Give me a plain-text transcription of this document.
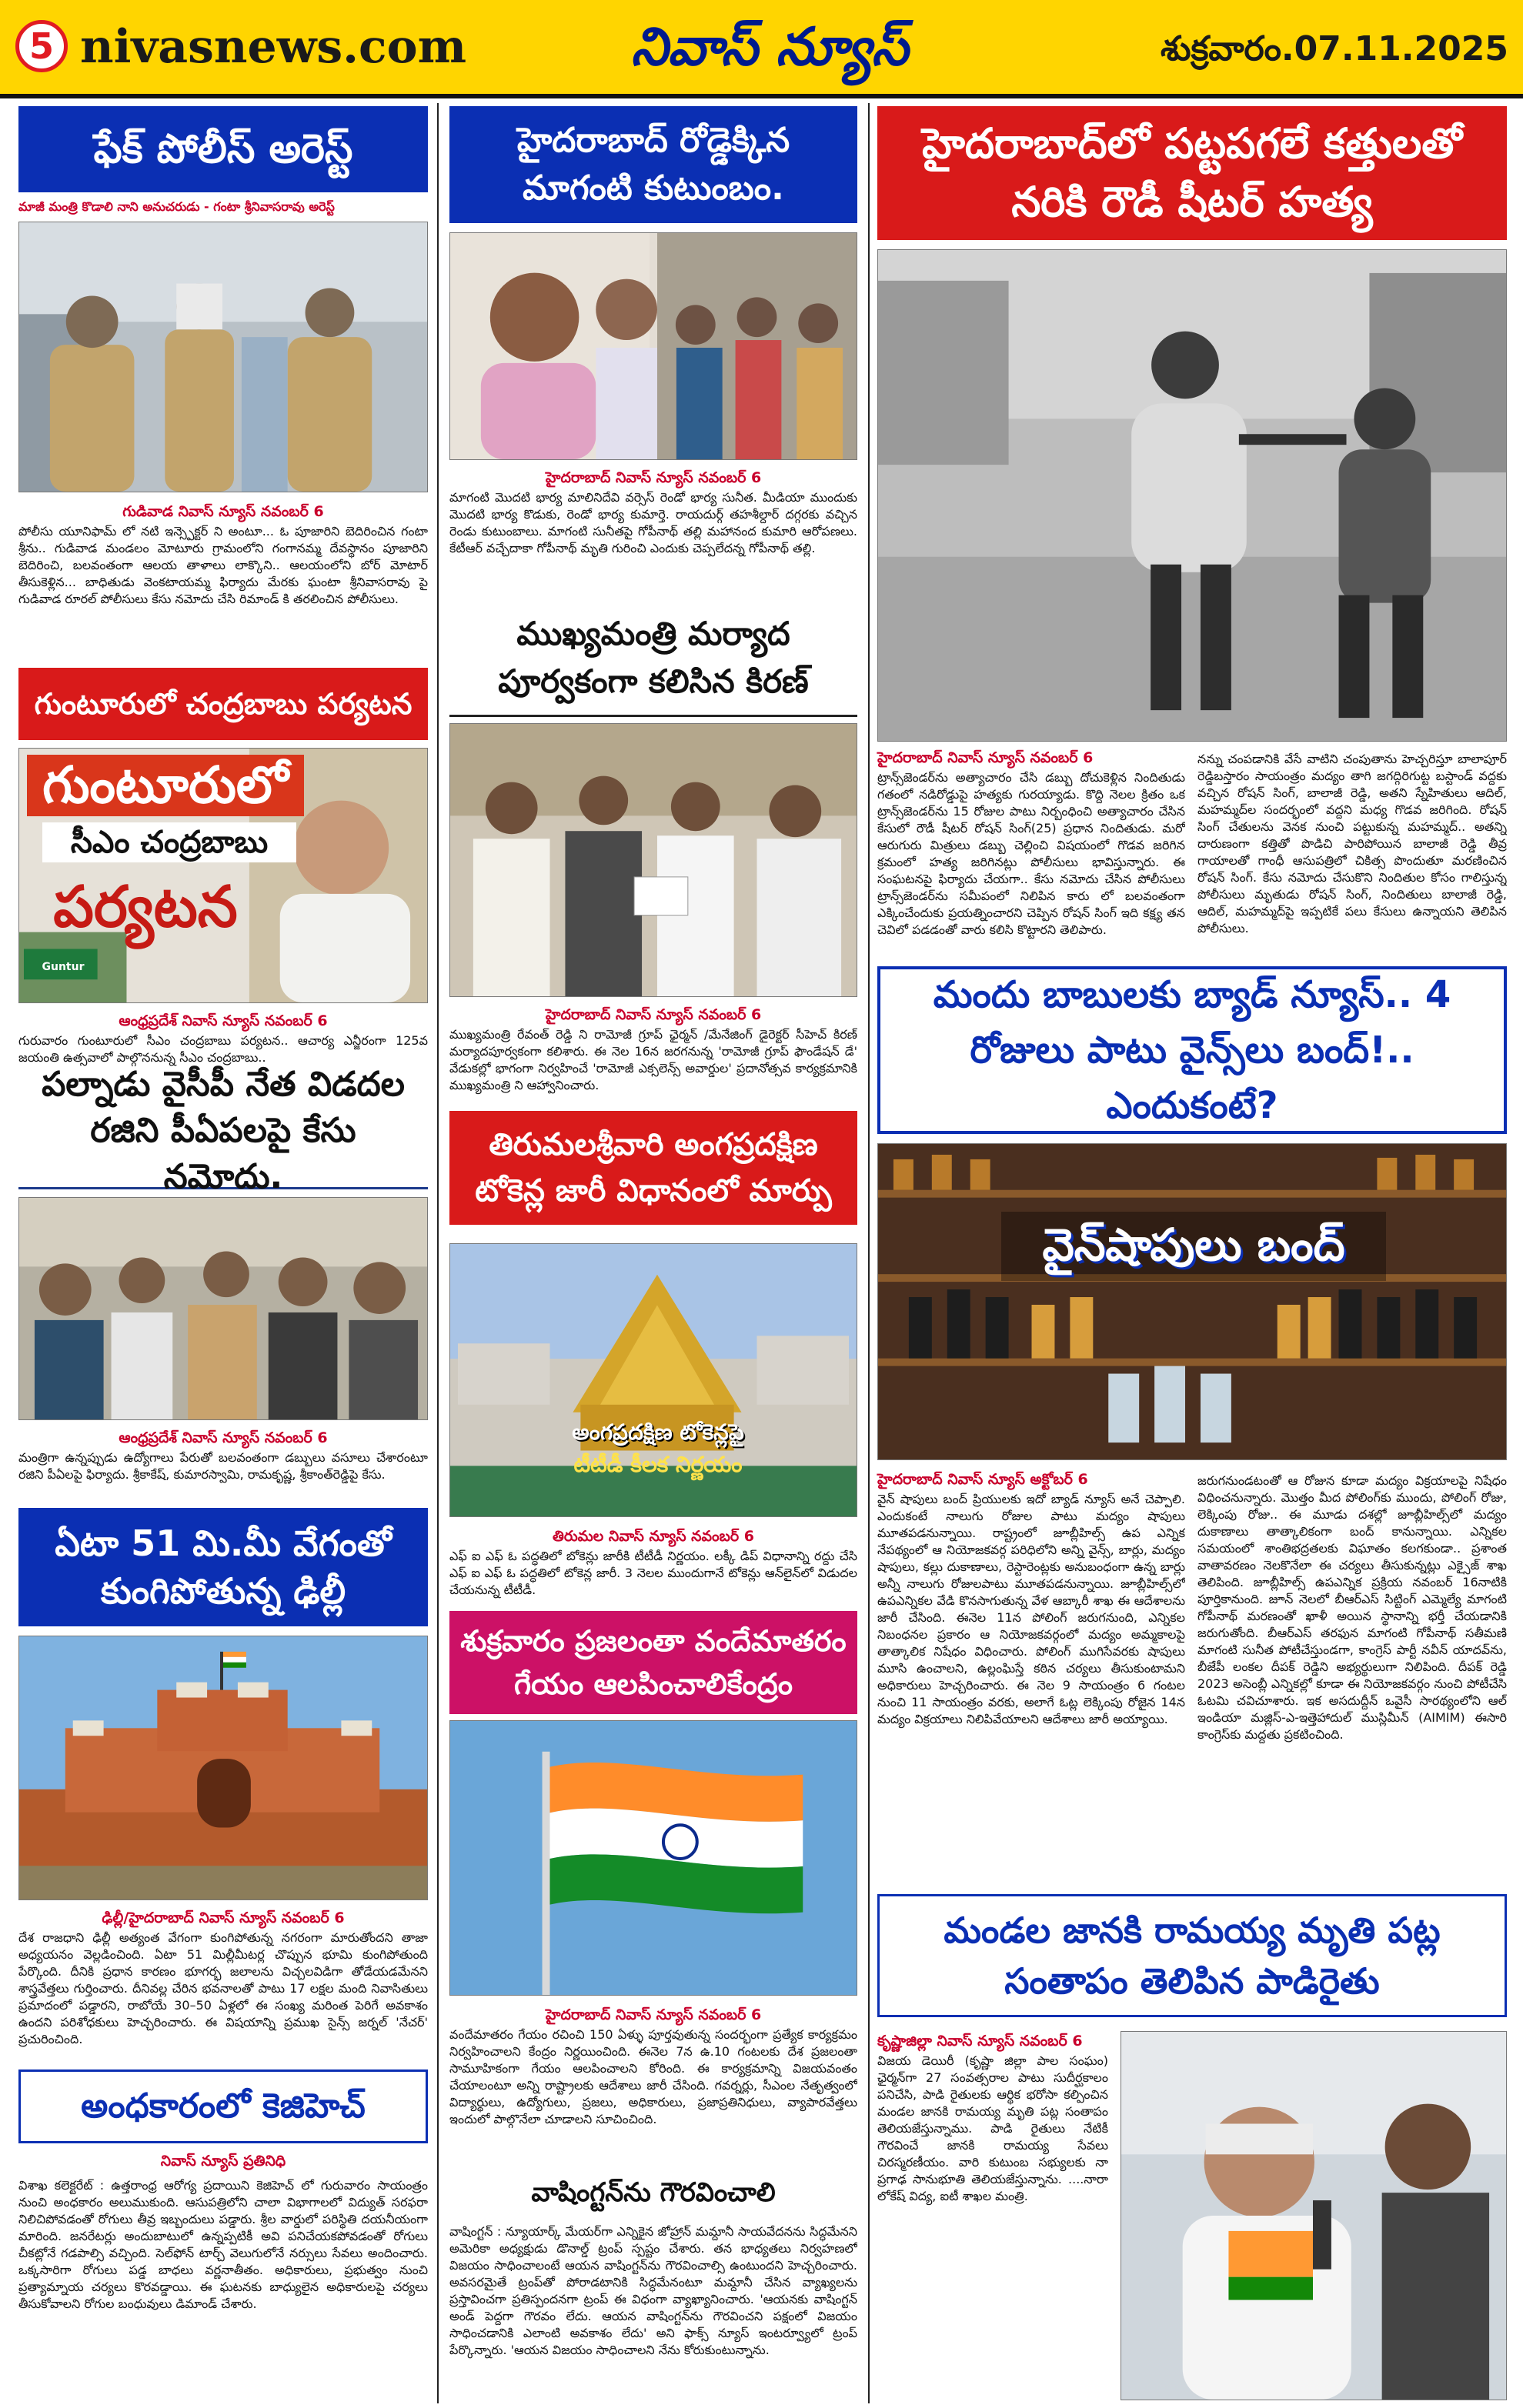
5 nivasnews.com	నివాస్ న్యూస్	శుక్రవారం.07.11.2025
ఫేక్ పోలీస్ అరెస్ట్
మాజీ మంత్రి కొడాలి నాని అనుచరుడు - గంటా శ్రీనివాసరావు అరెస్ట్
గుడివాడ నివాస్ న్యూస్ నవంబర్ 6
పోలీసు యూనిఫామ్ లో నటి ఇన్స్పెక్టర్ ని అంటూ... ఓ పూజారిని బెదిరించిన గంటా శ్రీను.. గుడివాడ మండలం మోటూరు గ్రామంలోని గంగానమ్మ దేవస్థానం పూజారిని బెదిరించి, బలవంతంగా ఆలయ తాళాలు లాక్కొని.. ఆలయంలోని బోర్ మోటార్ తీసుకెళ్లిన... బాధితుడు వెంకటాయమ్మ ఫిర్యాదు మేరకు ఘంటా శ్రీనివాసరావు పై గుడివాడ రూరల్ పోలీసులు కేసు నమోదు చేసి రిమాండ్ కి తరలించిన పోలీసులు.
గుంటూరులో చంద్రబాబు పర్యటన
గుంటూరులో
సీఎం చంద్రబాబు
పర్యటన
Guntur
ఆంధ్రప్రదేశ్ నివాస్ న్యూస్ నవంబర్ 6
గురువారం గుంటూరులో సీఎం చంద్రబాబు పర్యటన.. ఆచార్య ఎన్జీరంగా 125వ జయంతి ఉత్సవాలో పాల్గొననున్న సీఎం చంద్రబాబు..
పల్నాడు వైసీపీ నేత విడదల రజిని పీఏపలపై కేసు నమోదు.
ఆంధ్రప్రదేశ్ నివాస్ న్యూస్ నవంబర్ 6
మంత్రిగా ఉన్నప్పుడు ఉద్యోగాలు పేరుతో బలవంతంగా డబ్బులు వసూలు చేశారంటూ రజిని పీఏలపై ఫిర్యాదు. శ్రీకాకేష్, కుమారస్వామి, రామకృష్ణ, శ్రీకాంత్‌రెడ్డిపై కేసు.
ఏటా 51 మి.మీ వేగంతో కుంగిపోతున్న ఢిల్లీ
ఢిల్లీ/హైదరాబాద్ నివాస్ న్యూస్ నవంబర్ 6
దేశ రాజధాని ఢిల్లీ అత్యంత వేగంగా కుంగిపోతున్న నగరంగా మారుతోందని తాజా అధ్యయనం వెల్లడించింది. ఏటా 51 మిల్లీమీటర్ల చొప్పున భూమి కుంగిపోతుంది పేర్కొంది. దీనికి ప్రధాన కారణం భూగర్భ జలాలను విచ్చలవిడిగా తోడేయడమేనని శాస్త్రవేత్తలు గుర్తించారు. దీనివల్ల చేరిన భవనాలతో పాటు 17 లక్షల మంది నివాసితులు ప్రమాదంలో పడ్డారని, రాబోయే 30–50 ఏళ్లలో ఈ సంఖ్య మరింత పెరిగే అవకాశం ఉందని పరిశోధకులు హెచ్చరించారు. ఈ విషయాన్ని ప్రముఖ సైన్స్ జర్నల్ 'నేచర్' ప్రచురించింది.
అంధకారంలో కెజిహెచ్
నివాస్ న్యూస్ ప్రతినిధి
విశాఖ కలెక్టరేట్ : ఉత్తరాంధ్ర ఆరోగ్య ప్రదాయిని కెజిహెచ్ లో గురువారం సాయంత్రం నుంచి అంధకారం అలుముకుంది. ఆసుపత్రిలోని చాలా విభాగాలలో విద్యుత్ సరఫరా నిలిచిపోవడంతో రోగులు తీవ్ర ఇబ్బందులు పడ్డారు. శ్రీల వార్డులో పరిస్థితి దయనీయంగా మారింది. జనరేటర్లు అందుబాటులో ఉన్నప్పటికీ అవి పనిచేయకపోవడంతో రోగులు చీకట్లోనే గడపాల్సి వచ్చింది. సెల్‌ఫోన్ టార్చ్ వెలుగులోనే నర్సులు సేవలు అందించారు. ఒక్కసారిగా రోగులు పడ్డ బాధలు వర్ణనాతీతం. అధికారులు, ప్రభుత్వం నుంచి ప్రత్యామ్నాయ చర్యలు కొరవడ్డాయి. ఈ ఘటనకు బాధ్యులైన అధికారులపై చర్యలు తీసుకోవాలని రోగుల బంధువులు డిమాండ్ చేశారు.
హైదరాబాద్ రోడ్డెక్కిన మాగంటి కుటుంబం.
హైదరాబాద్ నివాస్ న్యూస్ నవంబర్ 6
మాగంటి మొదటి భార్య మాలినిదేవి వర్సెస్ రెండో భార్య సునీత. మీడియా ముందుకు మొదటి భార్య కొడుకు, రెండో భార్య కుమార్తె. రాయదుర్గ్ తహశీల్దార్ దగ్గరకు వచ్చిన రెండు కుటుంబాలు. మాగంటి సునీతపై గోపీనాథ్ తల్లి మహానంద కుమారి ఆరోపణలు. కేటీఆర్ వచ్చేదాకా గోపీనాథ్ మృతి గురించి ఎందుకు చెప్పలేదన్న గోపీనాథ్ తల్లి.
ముఖ్యమంత్రి మర్యాద పూర్వకంగా కలిసిన కిరణ్
హైదరాబాద్ నివాస్ న్యూస్ నవంబర్ 6
ముఖ్యమంత్రి రేవంత్ రెడ్డి ని రామోజీ గ్రూప్ ఛైర్మన్ /మేనేజింగ్ డైరెక్టర్ సీహెచ్ కిరణ్ మర్యాదపూర్వకంగా కలిశారు. ఈ నెల 16న జరగనున్న 'రామోజీ గ్రూప్ ఫౌండేషన్ డే' వేడుకల్లో భాగంగా నిర్వహించే 'రామోజీ ఎక్సలెన్స్ అవార్డుల' ప్రదానోత్సవ కార్యక్రమానికి ముఖ్యమంత్రి ని ఆహ్వానించారు.
తిరుమలశ్రీవారి అంగప్రదక్షిణ టోకెన్ల జారీ విధానంలో మార్పు
అంగప్రదక్షిణ టోకెన్లపై
టీటీడీ కీలక నిర్ణయం
తిరుమల నివాస్ న్యూస్ నవంబర్ 6
ఎఫ్ ఐ ఎఫ్ ఓ పద్ధతిలో బోకెన్లు జారీకి టీటీడీ నిర్ణయం. లక్కీ డిప్ విధానాన్ని రద్దు చేసి ఎఫ్ ఐ ఎఫ్ ఓ పద్ధతిలో టోకెన్ల జారీ. 3 నెలల ముందుగానే టోకెన్లు ఆన్‌లైన్‌లో విడుదల చేయనున్న టీటీడీ.
శుక్రవారం ప్రజలంతా వందేమాతరం గేయం ఆలపించాలికేంద్రం
హైదరాబాద్ నివాస్ న్యూస్ నవంబర్ 6
వందేమాతరం గేయం రచించి 150 ఏళ్ళు పూర్తవుతున్న సందర్భంగా ప్రత్యేక కార్యక్రమం నిర్వహించాలని కేంద్రం నిర్ణయించింది. ఈనెల 7న ఉ.10 గంటలకు దేశ ప్రజలంతా సామూహికంగా గేయం ఆలపించాలని కోరింది. ఈ కార్యక్రమాన్ని విజయవంతం చేయాలంటూ అన్ని రాష్ట్రాలకు ఆదేశాలు జారీ చేసింది. గవర్నర్లు, సీఎంల నేతృత్వంలో విద్యార్థులు, ఉద్యోగులు, ప్రజలు, అధికారులు, ప్రజాప్రతినిధులు, వ్యాపారవేత్తలు ఇందులో పాల్గొనేలా చూడాలని సూచించింది.
వాషింగ్టన్‌ను గౌరవించాలి
వాషింగ్టన్ : న్యూయార్క్ మేయర్‌గా ఎన్నికైన జోహ్రాన్ మమ్దానీ సాయవేదనను సిద్ధమేనని అమెరికా అధ్యక్షుడు డొనాల్డ్ ట్రంప్ స్పష్టం చేశారు. తన భాధ్యతలు నిర్వహణలో విజయం సాధించాలంటే ఆయన వాషింగ్టన్‌ను గౌరవించాల్సి ఉంటుందని హెచ్చరించారు. అవసరమైతే ట్రంప్‌తో పోరాడటానికి సిద్ధమేనంటూ మమ్దానీ చేసిన వ్యాఖ్యలను ప్రస్తావించగా ప్రతిస్పందనగా ట్రంప్ ఈ విధంగా వ్యాఖ్యానించారు. 'ఆయనకు వాషింగ్టన్ అండ్ పెద్దగా గౌరవం లేదు. ఆయన వాషింగ్టన్‌ను గౌరవించని పక్షంలో విజయం సాధించడానికి ఎలాంటి అవకాశం లేదు' అని ఫాక్స్ న్యూస్ ఇంటర్వ్యూలో ట్రంప్ పేర్కొన్నారు. 'ఆయన విజయం సాధించాలని నేను కోరుకుంటున్నాను.
హైదరాబాద్‌లో పట్టపగలే కత్తులతో నరికి రౌడీ షీటర్ హత్య
హైదరాబాద్ నివాస్ న్యూస్ నవంబర్ 6
ట్రాన్స్‌జెండర్‌ను అత్యాచారం చేసి డబ్బు దోచుకెళ్లిన నిందితుడు గతంలో నడిరోడ్డుపై హత్యకు గురయ్యాడు. కొద్ది నెలల క్రితం ఒక ట్రాన్స్‌జెండర్‌ను 15 రోజుల పాటు నిర్బంధించి అత్యాచారం చేసిన కేసులో రౌడీ షీటర్ రోషన్ సింగ్(25) ప్రధాన నిందితుడు. మరో ఆరుగురు మిత్రులు డబ్బు చెల్లించి విషయంలో గొడవ జరిగిన క్రమంలో హత్య జరిగినట్లు పోలీసులు భావిస్తున్నారు. ఈ సంఘటనపై ఫిర్యాదు చేయగా.. కేసు నమోదు చేసిన పోలీసులు ట్రాన్స్‌జెండర్‌ను సమీపంలో నిలిపిన కారు లో బలవంతంగా ఎక్కించేందుకు ప్రయత్నించారని చెప్పిన రోషన్ సింగ్ ఇది కక్ష్య తన చెవిలో పడడంతో వారు కలిసి కొట్టారని తెలిపారు.
నన్ను చంపడానికి వేసే వాటిని చంపుతాను హెచ్చరిస్తూ బాలాపూర్ రెడ్డిబస్తారం సాయంత్రం మద్యం తాగి జగద్గిరిగుట్ట బస్టాండ్ వద్దకు వచ్చిన రోషన్ సింగ్, బాలాజీ రెడ్డి, అతని స్నేహితులు ఆదిల్, మహమ్మద్‌ల సందర్భంలో వద్దని మధ్య గొడవ జరిగింది. రోషన్ సింగ్ చేతులను వెనక నుంచి పట్టుకున్న మహమ్మద్.. అతన్ని దారుణంగా కత్తితో పొడిచి పారిపోయిన బాలాజీ రెడ్డి తీవ్ర గాయాలతో గాంధీ ఆసుపత్రిలో చికిత్స పొందుతూ మరణించిన రోషన్ సింగ్. కేసు నమోదు చేసుకొని నిందితుల కోసం గాలిస్తున్న పోలీసులు మృతుడు రోషన్ సింగ్, నిందితులు బాలాజీ రెడ్డి, ఆదిల్, మహమ్మద్‌పై ఇప్పటికే పలు కేసులు ఉన్నాయని తెలిపిన పోలీసులు.
మందు బాబులకు బ్యాడ్ న్యూస్.. 4 రోజులు పాటు వైన్స్‌లు బంద్!.. ఎందుకంటే?
వైన్‌షాపులు బంద్
హైదరాబాద్ నివాస్ న్యూస్ అక్టోబర్ 6
వైన్ షాపులు బంద్ ప్రియులకు ఇదో బ్యాడ్ న్యూస్ అనే చెప్పాలి. ఎందుకంటే నాలుగు రోజుల పాటు మద్యం షాపులు మూతపడనున్నాయి. రాష్ట్రంలో జూబ్లీహిల్స్ ఉప ఎన్నిక నేపథ్యంలో ఆ నియోజకవర్గ పరిధిలోని అన్ని వైన్స్, బార్లు, మద్యం షాపులు, కల్లు దుకాణాలు, రెస్టారెంట్లకు అనుబంధంగా ఉన్న బార్లు అన్నీ నాలుగు రోజులపాటు మూతపడనున్నాయి. జూబ్లీహిల్స్‌లో ఉపఎన్నికల వేడి కొనసాగుతున్న వేళ ఆబ్కారీ శాఖ ఈ ఆదేశాలను జారీ చేసింది. ఈనెల 11న పోలింగ్ జరుగనుంది, ఎన్నికల నిబంధనల ప్రకారం ఆ నియోజకవర్గంలో మద్యం అమ్మకాలపై తాత్కాలిక నిషేధం విధించారు. పోలింగ్ ముగిసేవరకు షాపులు మూసి ఉంచాలని, ఉల్లంఘిస్తే కఠిన చర్యలు తీసుకుంటామని అధికారులు హెచ్చరించారు. ఈ నెల 9 సాయంత్రం 6 గంటల నుంచి 11 సాయంత్రం వరకు, అలాగే ఓట్ల లెక్కింపు రోజైన 14న మద్యం విక్రయాలు నిలిపివేయాలని ఆదేశాలు జారీ అయ్యాయి.
జరుగనుండటంతో ఆ రోజున కూడా మద్యం విక్రయాలపై నిషేధం విధించనున్నారు. మొత్తం మీద పోలింగ్‌కు ముందు, పోలింగ్ రోజు, లెక్కింపు రోజు.. ఈ మూడు దశల్లో జూబ్లీహిల్స్‌లో మద్యం దుకాణాలు తాత్కాలికంగా బంద్ కానున్నాయి. ఎన్నికల సమయంలో శాంతిభద్రతలకు విఘాతం కలగకుండా.. ప్రశాంత వాతావరణం నెలకొనేలా ఈ చర్యలు తీసుకున్నట్లు ఎక్సైజ్ శాఖ తెలిపింది. జూబ్లీహిల్స్ ఉపఎన్నిక ప్రక్రియ నవంబర్ 16నాటికి పూర్తికానుంది. జూన్ నెలలో బీఆర్ఎస్ సిట్టింగ్ ఎమ్మెల్యే మాగంటి గోపీనాథ్ మరణంతో ఖాళీ అయిన స్థానాన్ని భర్తీ చేయడానికి జరుగుతోంది. బీఆర్ఎస్ తరఫున మాగంటి గోపీనాథ్ సతీమణి మాగంటి సునీత పోటీచేస్తుండగా, కాంగ్రెస్ పార్టీ నవీన్ యాదవ్‌ను, బీజేపీ లంకల దీపక్ రెడ్డిని అభ్యర్థులుగా నిలిపింది. దీపక్ రెడ్డి 2023 అసెంబ్లీ ఎన్నికల్లో కూడా ఈ నియోజకవర్గం నుంచి పోటీచేసి ఓటమి చవిచూశారు. ఇక అసదుద్దీన్ ఒవైసీ సారథ్యంలోని ఆల్ ఇండియా మజ్లిస్-ఎ-ఇత్తెహాదుల్ ముస్లిమీన్ (AIMIM) ఈసారి కాంగ్రెస్‌కు మద్దతు ప్రకటించింది.
మండల జానకి రామయ్య మృతి పట్ల సంతాపం తెలిపిన పాడిరైతు
కృష్ణాజిల్లా నివాస్ న్యూస్ నవంబర్ 6
విజయ డెయిరీ (కృష్ణా జిల్లా పాల సంఘం) ఛైర్మన్‌గా 27 సంవత్సరాల పాటు సుదీర్ఘకాలం పనిచేసి, పాడి రైతులకు ఆర్థిక భరోసా కల్పించిన మండల జానకి రామయ్య మృతి పట్ల సంతాపం తెలియజేస్తున్నాము. పాడి రైతులు నేటికీ గౌరవించే జానకి రామయ్య సేవలు చిరస్మరణీయం. వారి కుటుంబ సభ్యులకు నా ప్రగాఢ సానుభూతి తెలియజేస్తున్నాను. ....నారా లోకేష్ విద్య, ఐటీ శాఖల మంత్రి.
